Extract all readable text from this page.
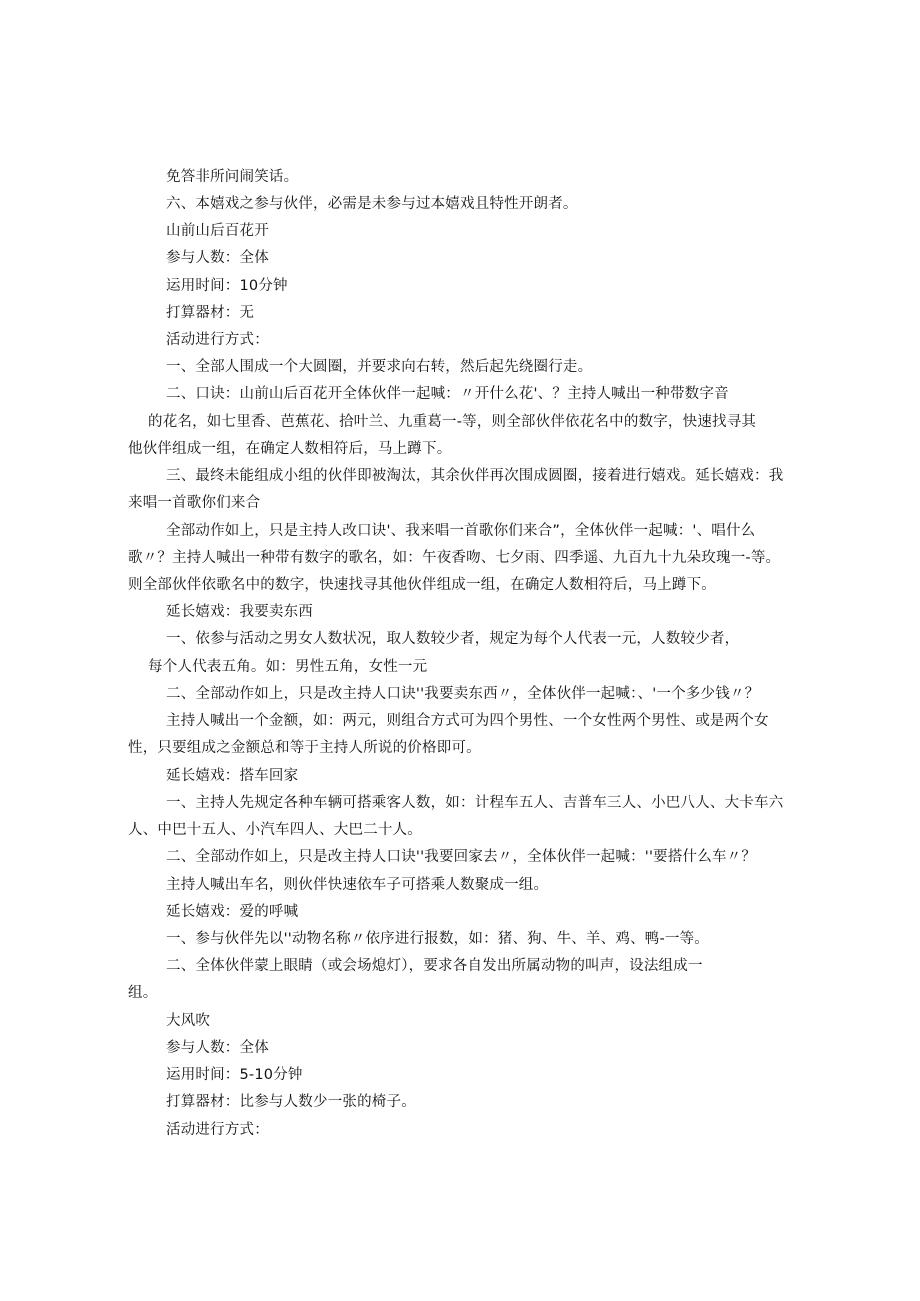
免答非所问闹笑话。
六、本嬉戏之参与伙伴，必需是未参与过本嬉戏且特性开朗者。
山前山后百花开
参与人数：全体
运用时间：10分钟
打算器材：无
活动进行方式：
一、全部人围成一个大圆圈，并要求向右转，然后起先绕圈行走。
二、口诀：山前山后百花开全体伙伴一起喊：〃开什么花'、？主持人喊出一种带数字音
的花名，如七里香、芭蕉花、拾叶兰、九重葛一-等，则全部伙伴依花名中的数字，快速找寻其
他伙伴组成一组，在确定人数相符后，马上蹲下。
三、最终未能组成小组的伙伴即被淘汰，其余伙伴再次围成圆圈，接着进行嬉戏。延长嬉戏：我
来唱一首歌你们来合
全部动作如上，只是主持人改口诀'、我来唱一首歌你们来合”，全体伙伴一起喊：'、唱什么
歌〃？主持人喊出一种带有数字的歌名，如：午夜香吻、七夕雨、四季遥、九百九十九朵玫瑰一-等。
则全部伙伴依歌名中的数字，快速找寻其他伙伴组成一组，在确定人数相符后，马上蹲下。
延长嬉戏：我要卖东西
一、依参与活动之男女人数状况，取人数较少者，规定为每个人代表一元，人数较少者，
每个人代表五角。如：男性五角，女性一元
二、全部动作如上，只是改主持人口诀''我要卖东西〃，全体伙伴一起喊：、'一个多少钱〃？
主持人喊出一个金额，如：两元，则组合方式可为四个男性、一个女性两个男性、或是两个女
性，只要组成之金额总和等于主持人所说的价格即可。
延长嬉戏：搭车回家
一、主持人先规定各种车辆可搭乘客人数，如：计程车五人、吉普车三人、小巴八人、大卡车六
人、中巴十五人、小汽车四人、大巴二十人。
二、全部动作如上，只是改主持人口诀''我要回家去〃，全体伙伴一起喊：''要搭什么车〃？
主持人喊出车名，则伙伴快速依车子可搭乘人数聚成一组。
延长嬉戏：爱的呼喊
一、参与伙伴先以''动物名称〃依序进行报数，如：猪、狗、牛、羊、鸡、鸭-一等。
二、全体伙伴蒙上眼睛（或会场熄灯），要求各自发出所属动物的叫声，设法组成一
组。
大风吹
参与人数：全体
运用时间：5-10分钟
打算器材：比参与人数少一张的椅子。
活动进行方式：
